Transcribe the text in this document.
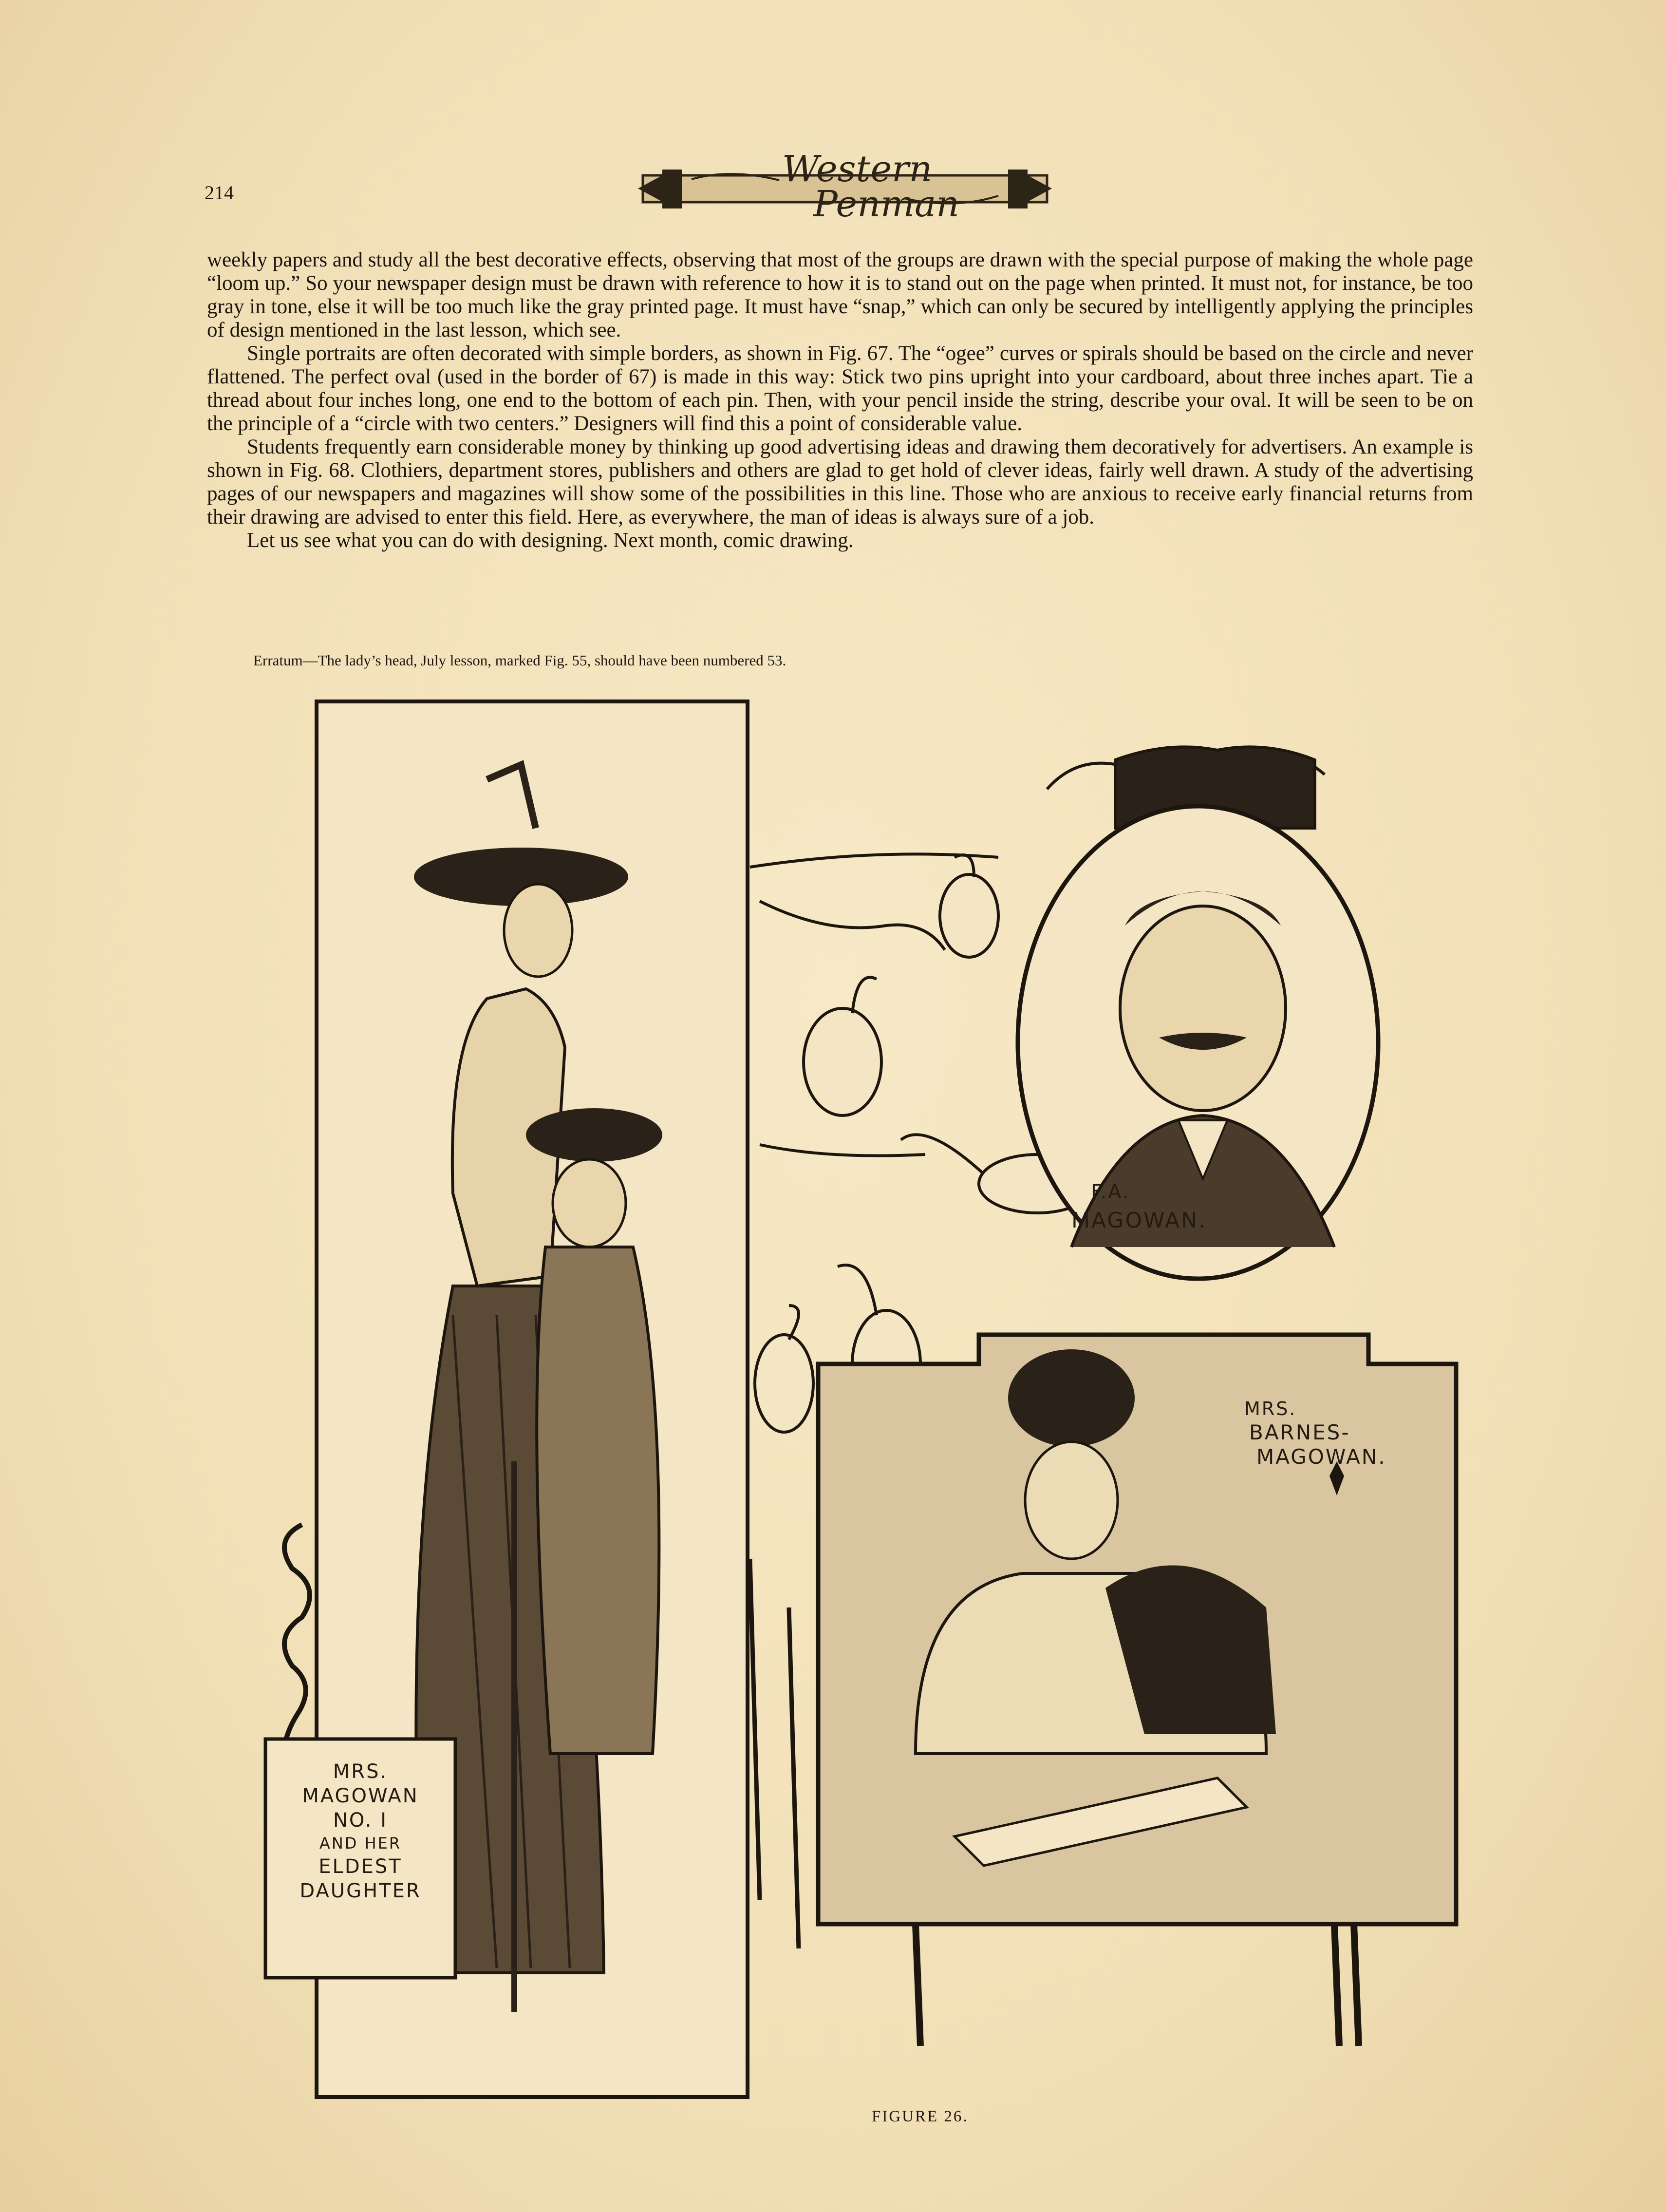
214
Western
Penman

weekly papers and study all the best decorative effects, observing that most of the groups are drawn with the special purpose of making the whole page “loom up.” So your newspaper design must be drawn with reference to how it is to stand out on the page when printed. It must not, for instance, be too gray in tone, else it will be too much like the gray printed page. It must have “snap,” which can only be secured by intelligently applying the principles of design mentioned in the last lesson, which see.

Single portraits are often decorated with simple borders, as shown in Fig. 67. The “ogee” curves or spirals should be based on the circle and never flattened. The perfect oval (used in the border of 67) is made in this way: Stick two pins upright into your cardboard, about three inches apart. Tie a thread about four inches long, one end to the bottom of each pin. Then, with your pencil inside the string, describe your oval. It will be seen to be on the principle of a “circle with two centers.” Designers will find this a point of considerable value.

Students frequently earn considerable money by thinking up good advertising ideas and drawing them decoratively for advertisers. An example is shown in Fig. 68. Clothiers, department stores, publishers and others are glad to get hold of clever ideas, fairly well drawn. A study of the advertising pages of our newspapers and magazines will show some of the possibilities in this line. Those who are anxious to receive early financial returns from their drawing are advised to enter this field. Here, as everywhere, the man of ideas is always sure of a job.

Let us see what you can do with designing. Next month, comic drawing.

Erratum—The lady’s head, July lesson, marked Fig. 55, should have been numbered 53.
MRS.
MAGOWAN
NO. I
AND HER
ELDEST
DAUGHTER
F.A.
MAGOWAN.
MRS.
BARNES-
MAGOWAN.
FIGURE 26.
